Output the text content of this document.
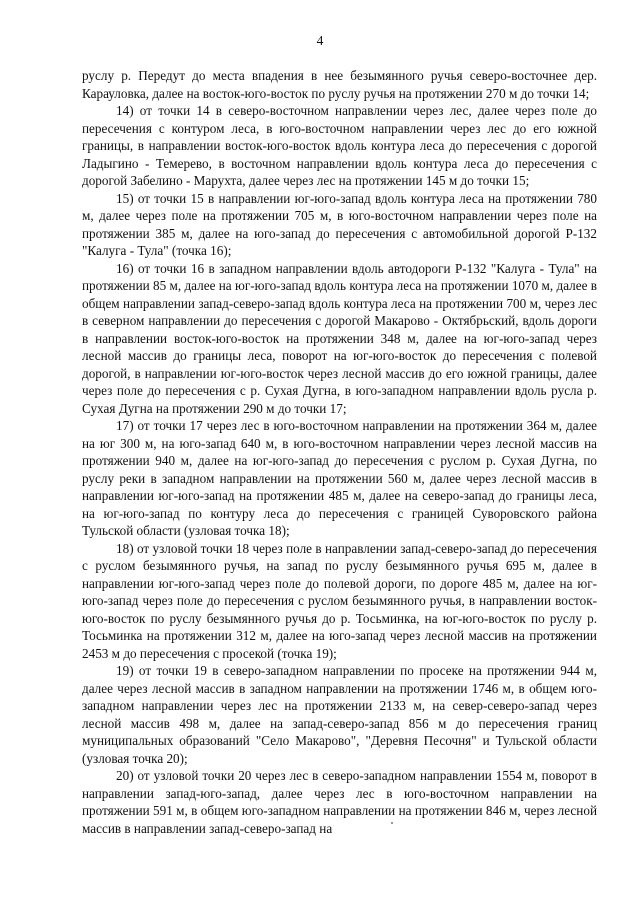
4

руслу р. Передут до места впадения в нее безымянного ручья северо-восточнее дер. Карауловка, далее на восток-юго-восток по руслу ручья на протяжении 270 м до точки 14;

14) от точки 14 в северо-восточном направлении через лес, далее через поле до пересечения с контуром леса, в юго-восточном направлении через лес до его южной границы, в направлении восток-юго-восток вдоль контура леса до пересечения с дорогой Ладыгино - Темерево, в восточном направлении вдоль контура леса до пересечения с дорогой Забелино - Марухта, далее через лес на протяжении 145 м до точки 15;

15) от точки 15 в направлении юг-юго-запад вдоль контура леса на протяжении 780 м, далее через поле на протяжении 705 м, в юго-восточном направлении через поле на протяжении 385 м, далее на юго-запад до пересечения с автомобильной дорогой Р-132 "Калуга - Тула" (точка 16);

16) от точки 16 в западном направлении вдоль автодороги Р-132 "Калуга - Тула" на протяжении 85 м, далее на юг-юго-запад вдоль контура леса на протяжении 1070 м, далее в общем направлении запад-северо-запад вдоль контура леса на протяжении 700 м, через лес в северном направлении до пересечения с дорогой Макарово - Октябрьский, вдоль дороги в направлении восток-юго-восток на протяжении 348 м, далее на юг-юго-запад через лесной массив до границы леса, поворот на юг-юго-восток до пересечения с полевой дорогой, в направлении юг-юго-восток через лесной массив до его южной границы, далее через поле до пересечения с р. Сухая Дугна, в юго-западном направлении вдоль русла р. Сухая Дугна на протяжении 290 м до точки 17;

17) от точки 17 через лес в юго-восточном направлении на протяжении 364 м, далее на юг 300 м, на юго-запад 640 м, в юго-восточном направлении через лесной массив на протяжении 940 м, далее на юг-юго-запад до пересечения с руслом р. Сухая Дугна, по руслу реки в западном направлении на протяжении 560 м, далее через лесной массив в направлении юг-юго-запад на протяжении 485 м, далее на северо-запад до границы леса, на юг-юго-запад по контуру леса до пересечения с границей Суворовского района Тульской области (узловая точка 18);

18) от узловой точки 18 через поле в направлении запад-северо-запад до пересечения с руслом безымянного ручья, на запад по руслу безымянного ручья 695 м, далее в направлении юг-юго-запад через поле до полевой дороги, по дороге 485 м, далее на юг-юго-запад через поле до пересечения с руслом безымянного ручья, в направлении восток-юго-восток по руслу безымянного ручья до р. Тосьминка, на юг-юго-восток по руслу р. Тосьминка на протяжении 312 м, далее на юго-запад через лесной массив на протяжении 2453 м до пересечения с просекой (точка 19);

19) от точки 19 в северо-западном направлении по просеке на протяжении 944 м, далее через лесной массив в западном направлении на протяжении 1746 м, в общем юго-западном направлении через лес на протяжении 2133 м, на север-северо-запад через лесной массив 498 м, далее на запад-северо-запад 856 м до пересечения границ муниципальных образований "Село Макарово", "Деревня Песочня" и Тульской области (узловая точка 20);

20) от узловой точки 20 через лес в северо-западном направлении 1554 м, поворот в направлении запад-юго-запад, далее через лес в юго-восточном направлении на протяжении 591 м, в общем юго-западном направлении на протяжении 846 м, через лесной массив в направлении запад-северо-запад на
